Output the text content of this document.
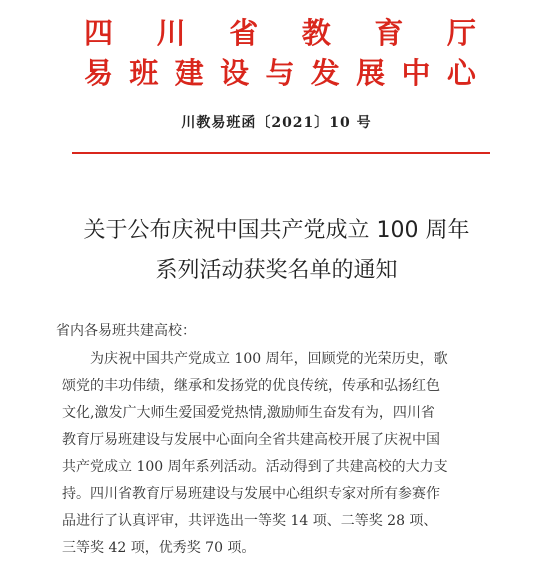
四 川 省 教 育 厅
易 班 建 设 与 发 展 中 心
川教易班函〔2021〕10 号
关于公布庆祝中国共产党成立 100 周年
系列活动获奖名单的通知
省内各易班共建高校：

为庆祝中国共产党成立 100 周年，回顾党的光荣历史，歌

颂党的丰功伟绩，继承和发扬党的优良传统，传承和弘扬红色

文化,激发广大师生爱国爱党热情,激励师生奋发有为，四川省

教育厅易班建设与发展中心面向全省共建高校开展了庆祝中国

共产党成立 100 周年系列活动。活动得到了共建高校的大力支

持。四川省教育厅易班建设与发展中心组织专家对所有参赛作

品进行了认真评审，共评选出一等奖 14 项、二等奖 28 项、

三等奖 42 项，优秀奖 70 项。
